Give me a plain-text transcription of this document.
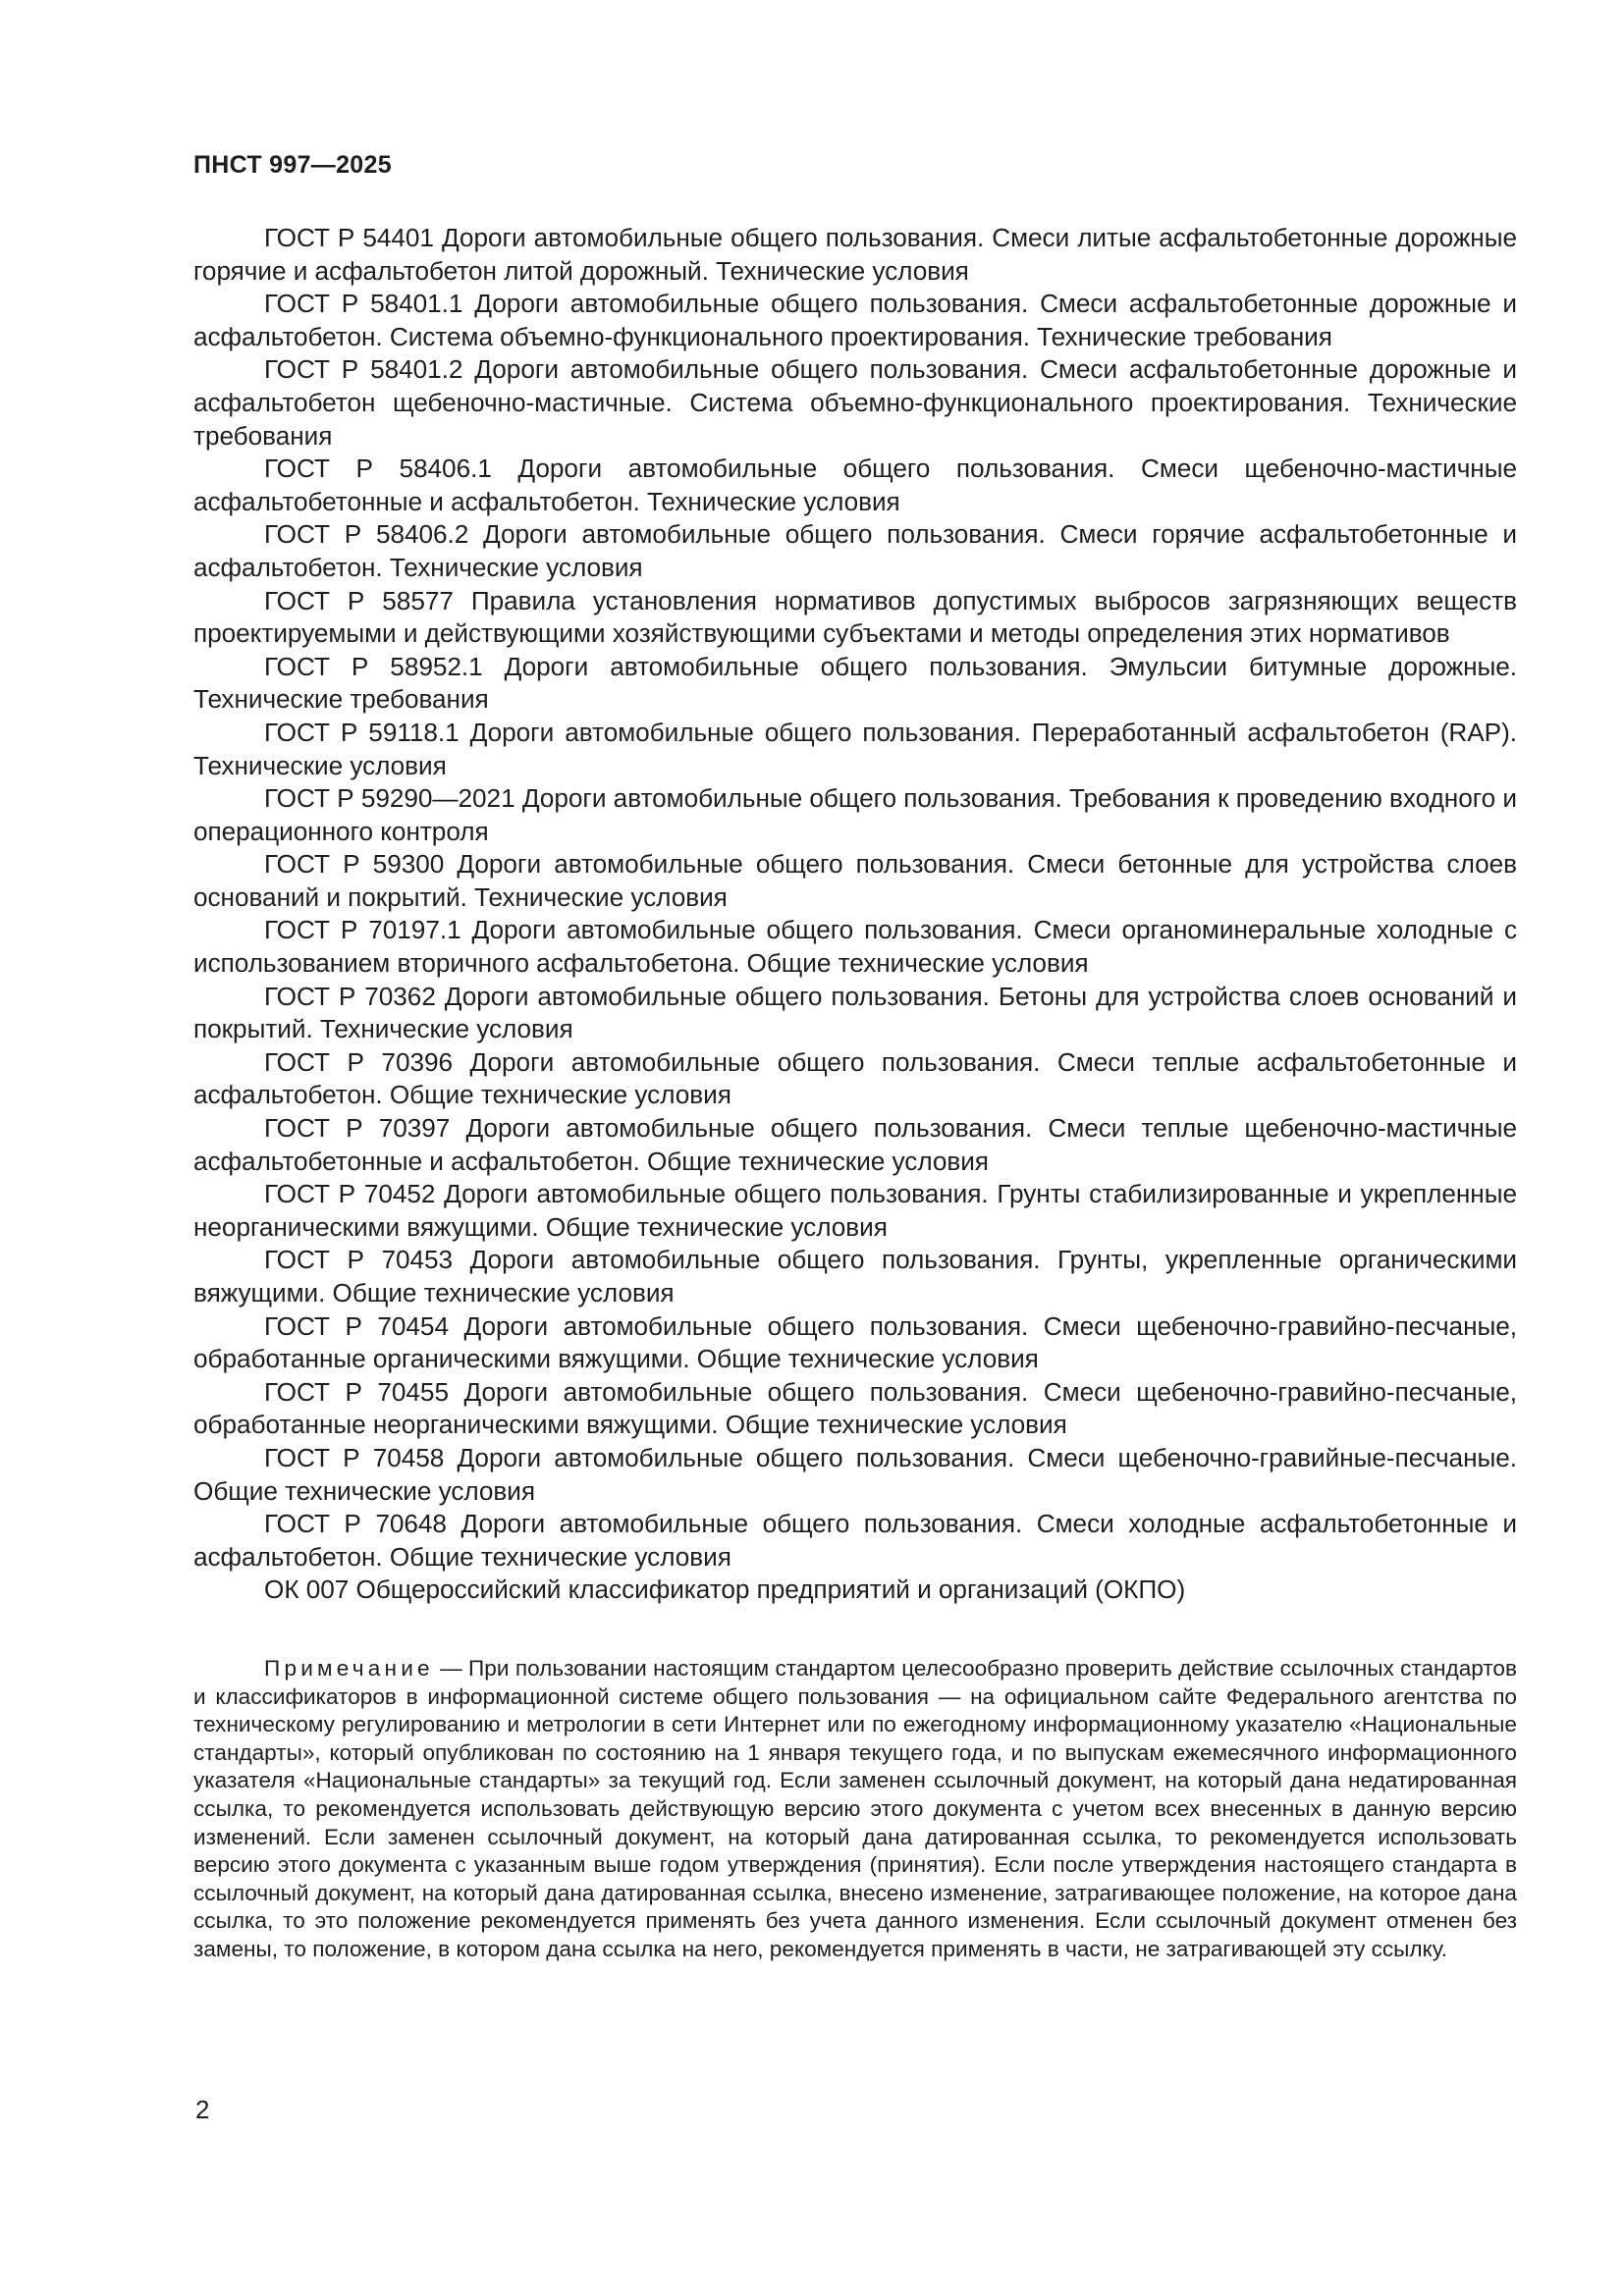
ПНСТ 997—2025

ГОСТ Р 54401 Дороги автомобильные общего пользования. Смеси литые асфальтобетонные дорожные горячие и асфальтобетон литой дорожный. Технические условия

ГОСТ Р 58401.1 Дороги автомобильные общего пользования. Смеси асфальтобетонные дорожные и асфальтобетон. Система объемно-функционального проектирования. Технические требования

ГОСТ Р 58401.2 Дороги автомобильные общего пользования. Смеси асфальтобетонные дорожные и асфальтобетон щебеночно-мастичные. Система объемно-функционального проектирования. Технические требования

ГОСТ Р 58406.1 Дороги автомобильные общего пользования. Смеси щебеночно-мастичные асфальтобетонные и асфальтобетон. Технические условия

ГОСТ Р 58406.2 Дороги автомобильные общего пользования. Смеси горячие асфальтобетонные и асфальтобетон. Технические условия

ГОСТ Р 58577 Правила установления нормативов допустимых выбросов загрязняющих веществ проектируемыми и действующими хозяйствующими субъектами и методы определения этих нормативов

ГОСТ Р 58952.1 Дороги автомобильные общего пользования. Эмульсии битумные дорожные. Технические требования

ГОСТ Р 59118.1 Дороги автомобильные общего пользования. Переработанный асфальтобетон (RAP). Технические условия

ГОСТ Р 59290—2021 Дороги автомобильные общего пользования. Требования к проведению входного и операционного контроля

ГОСТ Р 59300 Дороги автомобильные общего пользования. Смеси бетонные для устройства слоев оснований и покрытий. Технические условия

ГОСТ Р 70197.1 Дороги автомобильные общего пользования. Смеси органоминеральные холодные с использованием вторичного асфальтобетона. Общие технические условия

ГОСТ Р 70362 Дороги автомобильные общего пользования. Бетоны для устройства слоев оснований и покрытий. Технические условия

ГОСТ Р 70396 Дороги автомобильные общего пользования. Смеси теплые асфальтобетонные и асфальтобетон. Общие технические условия

ГОСТ Р 70397 Дороги автомобильные общего пользования. Смеси теплые щебеночно-мастичные асфальтобетонные и асфальтобетон. Общие технические условия

ГОСТ Р 70452 Дороги автомобильные общего пользования. Грунты стабилизированные и укрепленные неорганическими вяжущими. Общие технические условия

ГОСТ Р 70453 Дороги автомобильные общего пользования. Грунты, укрепленные органическими вяжущими. Общие технические условия

ГОСТ Р 70454 Дороги автомобильные общего пользования. Смеси щебеночно-гравийно-песчаные, обработанные органическими вяжущими. Общие технические условия

ГОСТ Р 70455 Дороги автомобильные общего пользования. Смеси щебеночно-гравийно-песчаные, обработанные неорганическими вяжущими. Общие технические условия

ГОСТ Р 70458 Дороги автомобильные общего пользования. Смеси щебеночно-гравийные-песчаные. Общие технические условия

ГОСТ Р 70648 Дороги автомобильные общего пользования. Смеси холодные асфальтобетонные и асфальтобетон. Общие технические условия

ОК 007 Общероссийский классификатор предприятий и организаций (ОКПО)

Примечание — При пользовании настоящим стандартом целесообразно проверить действие ссылочных стандартов и классификаторов в информационной системе общего пользования — на официальном сайте Федерального агентства по техническому регулированию и метрологии в сети Интернет или по ежегодному информационному указателю «Национальные стандарты», который опубликован по состоянию на 1 января текущего года, и по выпускам ежемесячного информационного указателя «Национальные стандарты» за текущий год. Если заменен ссылочный документ, на который дана недатированная ссылка, то рекомендуется использовать действующую версию этого документа с учетом всех внесенных в данную версию изменений. Если заменен ссылочный документ, на который дана датированная ссылка, то рекомендуется использовать версию этого документа с указанным выше годом утверждения (принятия). Если после утверждения настоящего стандарта в ссылочный документ, на который дана датированная ссылка, внесено изменение, затрагивающее положение, на которое дана ссылка, то это положение рекомендуется применять без учета данного изменения. Если ссылочный документ отменен без замены, то положение, в котором дана ссылка на него, рекомендуется применять в части, не затрагивающей эту ссылку.

2
